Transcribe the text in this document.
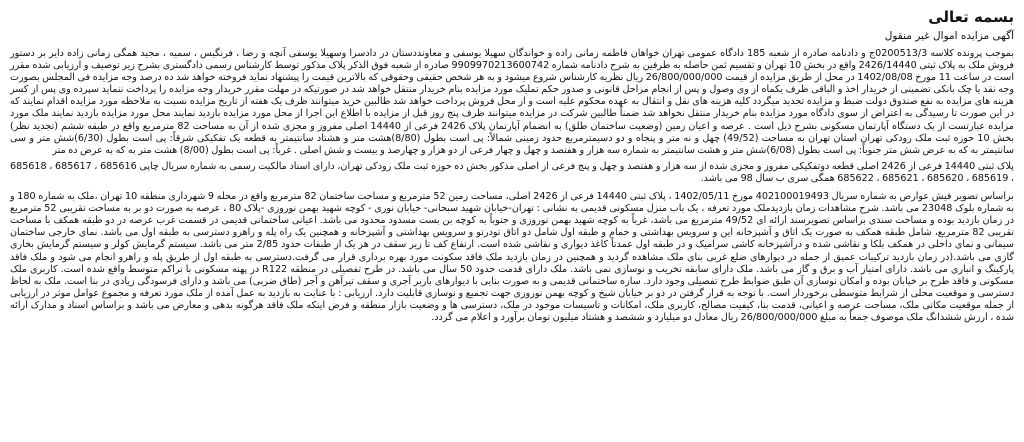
بسمه تعالی

آگهی مزایده اموال غیر منقول

بموجب پرونده کلاسه 0200513/3ج و دادنامه صادره از شعبه 185 دادگاه عمومی تهران خواهان فاطمه زمانی زاده و خواندگان سهیلا یوسفی و معاونددستان در دادسرا وسهیلا یوسفی آنچه و رضا ، فرنگیس ، سمیه ، مجید همگی زمانی زاده دایر بر دستور فروش ملک به پلاک ثبتی 2426/14440 واقع در بخش 10 تهران و تقسیم ثمن حاصله به طرفین به شرح دادنامه شماره 9909970213600742 صادره از شعبه فوق الذکر پلاک مذکور توسط کارشناس رسمی دادگستری بشرح زیر توصیف و ارزیابی شده مقرر است در ساعت 11 مورخ 1402/08/08 در محل از طریق مزایده از قیمت 26/800/000/000 ریال نظریه کارشناس شروع میشود و به هر شخص حقیقی وحقوقی که بالاترین قیمت را پیشنهاد نماید فروخته خواهد شد ده درصد وجه مزایده فی المجلس بصورت وجه نقد یا چک بانکی تضمینی از خریدار اخذ و الباقی ظرف یکماه از وی وصول و پس از انجام مراحل قانونی و صدور حکم تملیک مورد مزایده بنام خریدار منتقل خواهد شد در صورتیکه در مهلت مقرر خریدار وجه مزایده را پرداخت ننماید سپرده وی پس از کسر هزینه های مزایده به نفع صندوق دولت ضبط و مزایده تجدید میگردد کلیه هزینه های نقل و انتقال به عهده محکوم علیه است و از محل فروش پرداخت خواهد شد طالبین خرید میتوانند ظرف یک هفته از تاریخ مزایده نسبت به ملاحظه مورد مزایده اقدام نمایند که در این صورت تا رسیدگی به اعتراض از سوی دادگاه مورد مزایده بنام خریدار منتقل نخواهد شد ضمناً طالبین شرکت در مزایده میتوانند ظرف پنج روز قبل از مزایده با اطلاع این اجرا از محل مورد مزایده بازدید نمایند محل مورد مزایده بازدید نمایند ملک مورد مزایده عبارتست از یک دستگاه آپارتمان مسکونی بشرح ذیل است . عرصه و اعیان زمین (وضعیت ساختمان طلق) به انضمام آپارتمان پلاک 2426 فرعی از 14440 اصلی مفروز و مجزی شده از آن به مساحت 82 مترمربع واقع در طبقه ششم (تجدید نظر) بخش 10 حوزه ثبت ملک رودکی تهران استان تهران به مساحت (49/52) چهل و نه متر و پنجاه و دو دسیمترمربع حدود زمینی شمالاً: پی است بطول (8/80)هشت متر و هشتاد سانتیمتر به قطعه یک تفکیکی شرقاً: پی است بطول (6/30)شش متر و سی سانتیمتر به که به عرض شش متر جنوباً: پی است بطول (6/08)شش متر و هشت سانتیمتر به شماره سه هزار و هفتصد و چهل و چهار فرعی از دو هزار و چهارصد و بیست و شش اصلی . غرباً: پی است بطول (8/00) هشت متر به که به عرض ده متر

پلاک ثبتی 14440 فرعی از 2426 اصلی قطعه دوتفکیکی مفروز و مجزی شده از سه هزار و هفتصد و چهل و پنج فرعی از اصلی مذکور بخش ده حوزه ثبت ملک رودکی تهران، دارای اسناد مالکیت رسمی به شماره سریال چاپی 685616 ، 685617 ، 685618 ، 685619 ، 685620 ، 685621 ، 685622 همگی سری ب سال 98 می باشد.

براساس تصویر فیش عوارض به شماره سریال 402100019493 مورخ 1402/05/11 ، پلاک ثبتی 14440 فرعی از 2426 اصلی، مساحت زمین 52 مترمربع و مساحت ساختمان 82 مترمربع واقع در محله 9 شهرداری منطقه 10 تهران ،ملک به شماره 180 و به شماره بلوک 23048 می باشد. شرح مشاهدات زمان بازدیدملک مورد تعرفه ، یک باب منزل مسکونی قدیمی به نشانی : تهران-خیابان شهید سبحانی- خیابان نوری - کوچه شهید بهمن نوروزی -پلاک 80 ، عرصه به صورت دو بر به مساحت تقریبی 52 مترمربع در زمان بازدید بوده و مساحت سندی براساس تصویرسند ارائه ای 49/52 مترمربع می باشد، غرباً به کوچه شهید بهمن نوروزی و جنوباً به کوچه بن بست مسدود محدود می باشد. اعیانی ساختمانی قدیمی در قسمت غرب عرصه در دو طبقه همکف با مساحت تقریبی 82 مترمربع، شامل طبقه همکف به صورت یک اتاق و آشپزخانه این و سرویس بهداشتی و حمام و طبقه اول شامل دو اتاق تودرتو و سرویس بهداشتی و آشپزخانه و همچنین یک راه پله و راهرو دسترسی به طبقه اول می باشد. نمای خارجی ساختمان سیمانی و نمای داخلی در همکف بلکا و نقاشی شده و درآشپزخانه کاشی سرامیک و در طبقه اول عمدتاً کاغذ دیواری و نقاشی شده است. ارتفاع کف تا زیر سقف در هر یک از طبقات حدود 2/85 متر می باشد. سیستم گرمایش کولر و سیستم گرمایش بخاری گازی می باشد.(در زمان بازدید ترکیبات عمیق از جمله در دیوارهای ضلع غربی بنای ملک مشاهده گردید و همچنین در زمان بازدید ملک فاقد سکونت مورد بهره برداری قرار می گرفت.دسترسی به طبقه اول از طریق پله و راهرو انجام می شود و ملک فاقد پارکینگ و انباری می باشد. دارای امتیاز آب و برق و گاز می باشد. ملک دارای سابقه تخریب و نوسازی نمی باشد. ملک دارای قدمت حدود 50 سال می باشد. در طرح تفصیلی در منطقه R122 در پهنه مسکونی با تراکم متوسط واقع شده است. کاربری ملک مسکونی و فاقد طرح بر خیابان بوده و امکان نوسازی آن طبق ضوابط طرح تفصیلی وجود دارد. سازه ساختمانی قدیمی و به صورت بنایی با دیوارهای باربر آجری و سقف تیرآهن و آجر (طاق ضربی) می باشد و دارای فرسودگی زیادی در بنا است. ملک به لحاظ دسترسی و موقعیت محلی از شرایط متوسطی برخوردار است. با توجه به قرار گرفتن در دو بر خیابان شیخ و کوچه بهمن نوروزی جهت تجمیع و نوسازی قابلیت دارد. ارزیابی : با عنایت به بازدید به عمل آمده از ملک مورد تعرفه و مجموع عوامل موثر در ارزیابی از جمله موقعیت مکانی ملک، مساحت عرصه و اعیانی، قدمت بنا، کیفیت مصالح، کاربری ملک، امکانات و تاسیسات موجود در ملک، دسترسی ها و وضعیت بازار منطقه و فرض اینکه ملک فاقد هرگونه بدهی و معارض می باشد و براساس اسناد و مدارک ارائه شده ، ارزش ششدانگ ملک موصوف جمعاً به مبلغ 26/800/000/000 ریال معادل دو میلیارد و ششصد و هشتاد میلیون تومان برآورد و اعلام می گردد.
